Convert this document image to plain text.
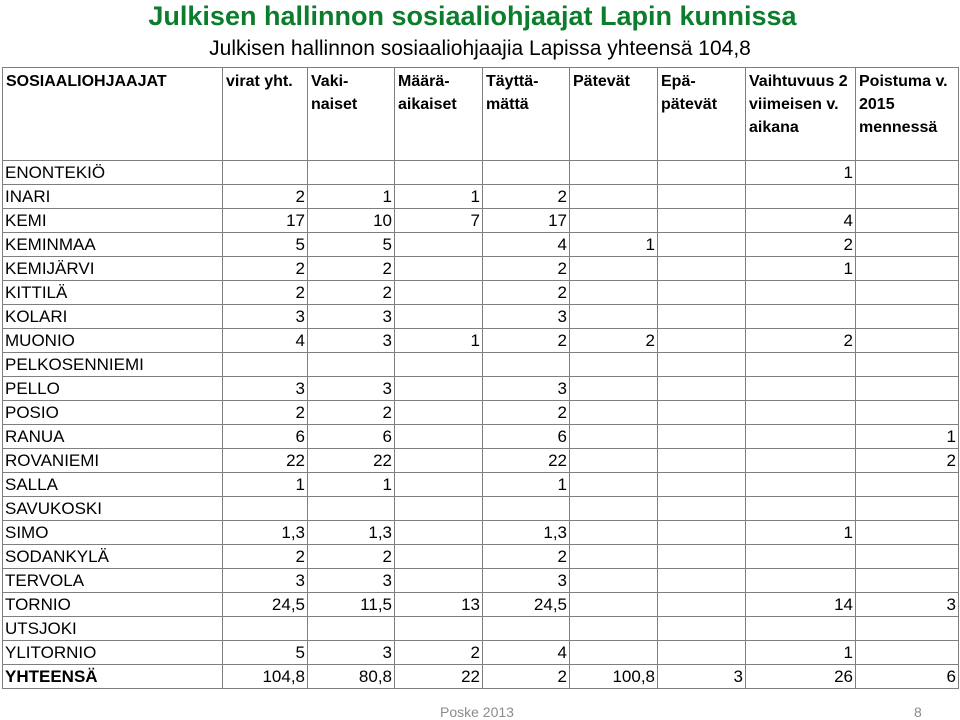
Julkisen hallinnon sosiaaliohjaajat Lapin kunnissa
Julkisen hallinnon sosiaaliohjaajia Lapissa yhteensä 104,8
SOSIAALIOHJAAJAT	virat yht.	Vaki-naiset	Määrä-aikaiset	Täyttä-mättä	Pätevät	Epä-pätevät	Vaihtuvuus 2 viimeisen v. aikana	Poistuma v. 2015 mennessä
ENONTEKIÖ							1	
INARI	2	1	1	2				
KEMI	17	10	7	17			4	
KEMINMAA	5	5		4	1		2	
KEMIJÄRVI	2	2		2			1	
KITTILÄ	2	2		2				
KOLARI	3	3		3				
MUONIO	4	3	1	2	2		2	
PELKOSENNIEMI								
PELLO	3	3		3				
POSIO	2	2		2				
RANUA	6	6		6				1
ROVANIEMI	22	22		22				2
SALLA	1	1		1				
SAVUKOSKI								
SIMO	1,3	1,3		1,3			1	
SODANKYLÄ	2	2		2				
TERVOLA	3	3		3				
TORNIO	24,5	11,5	13	24,5			14	3
UTSJOKI								
YLITORNIO	5	3	2	4			1	
YHTEENSÄ	104,8	80,8	22	2	100,8	3	26	6
Poske 2013	8
